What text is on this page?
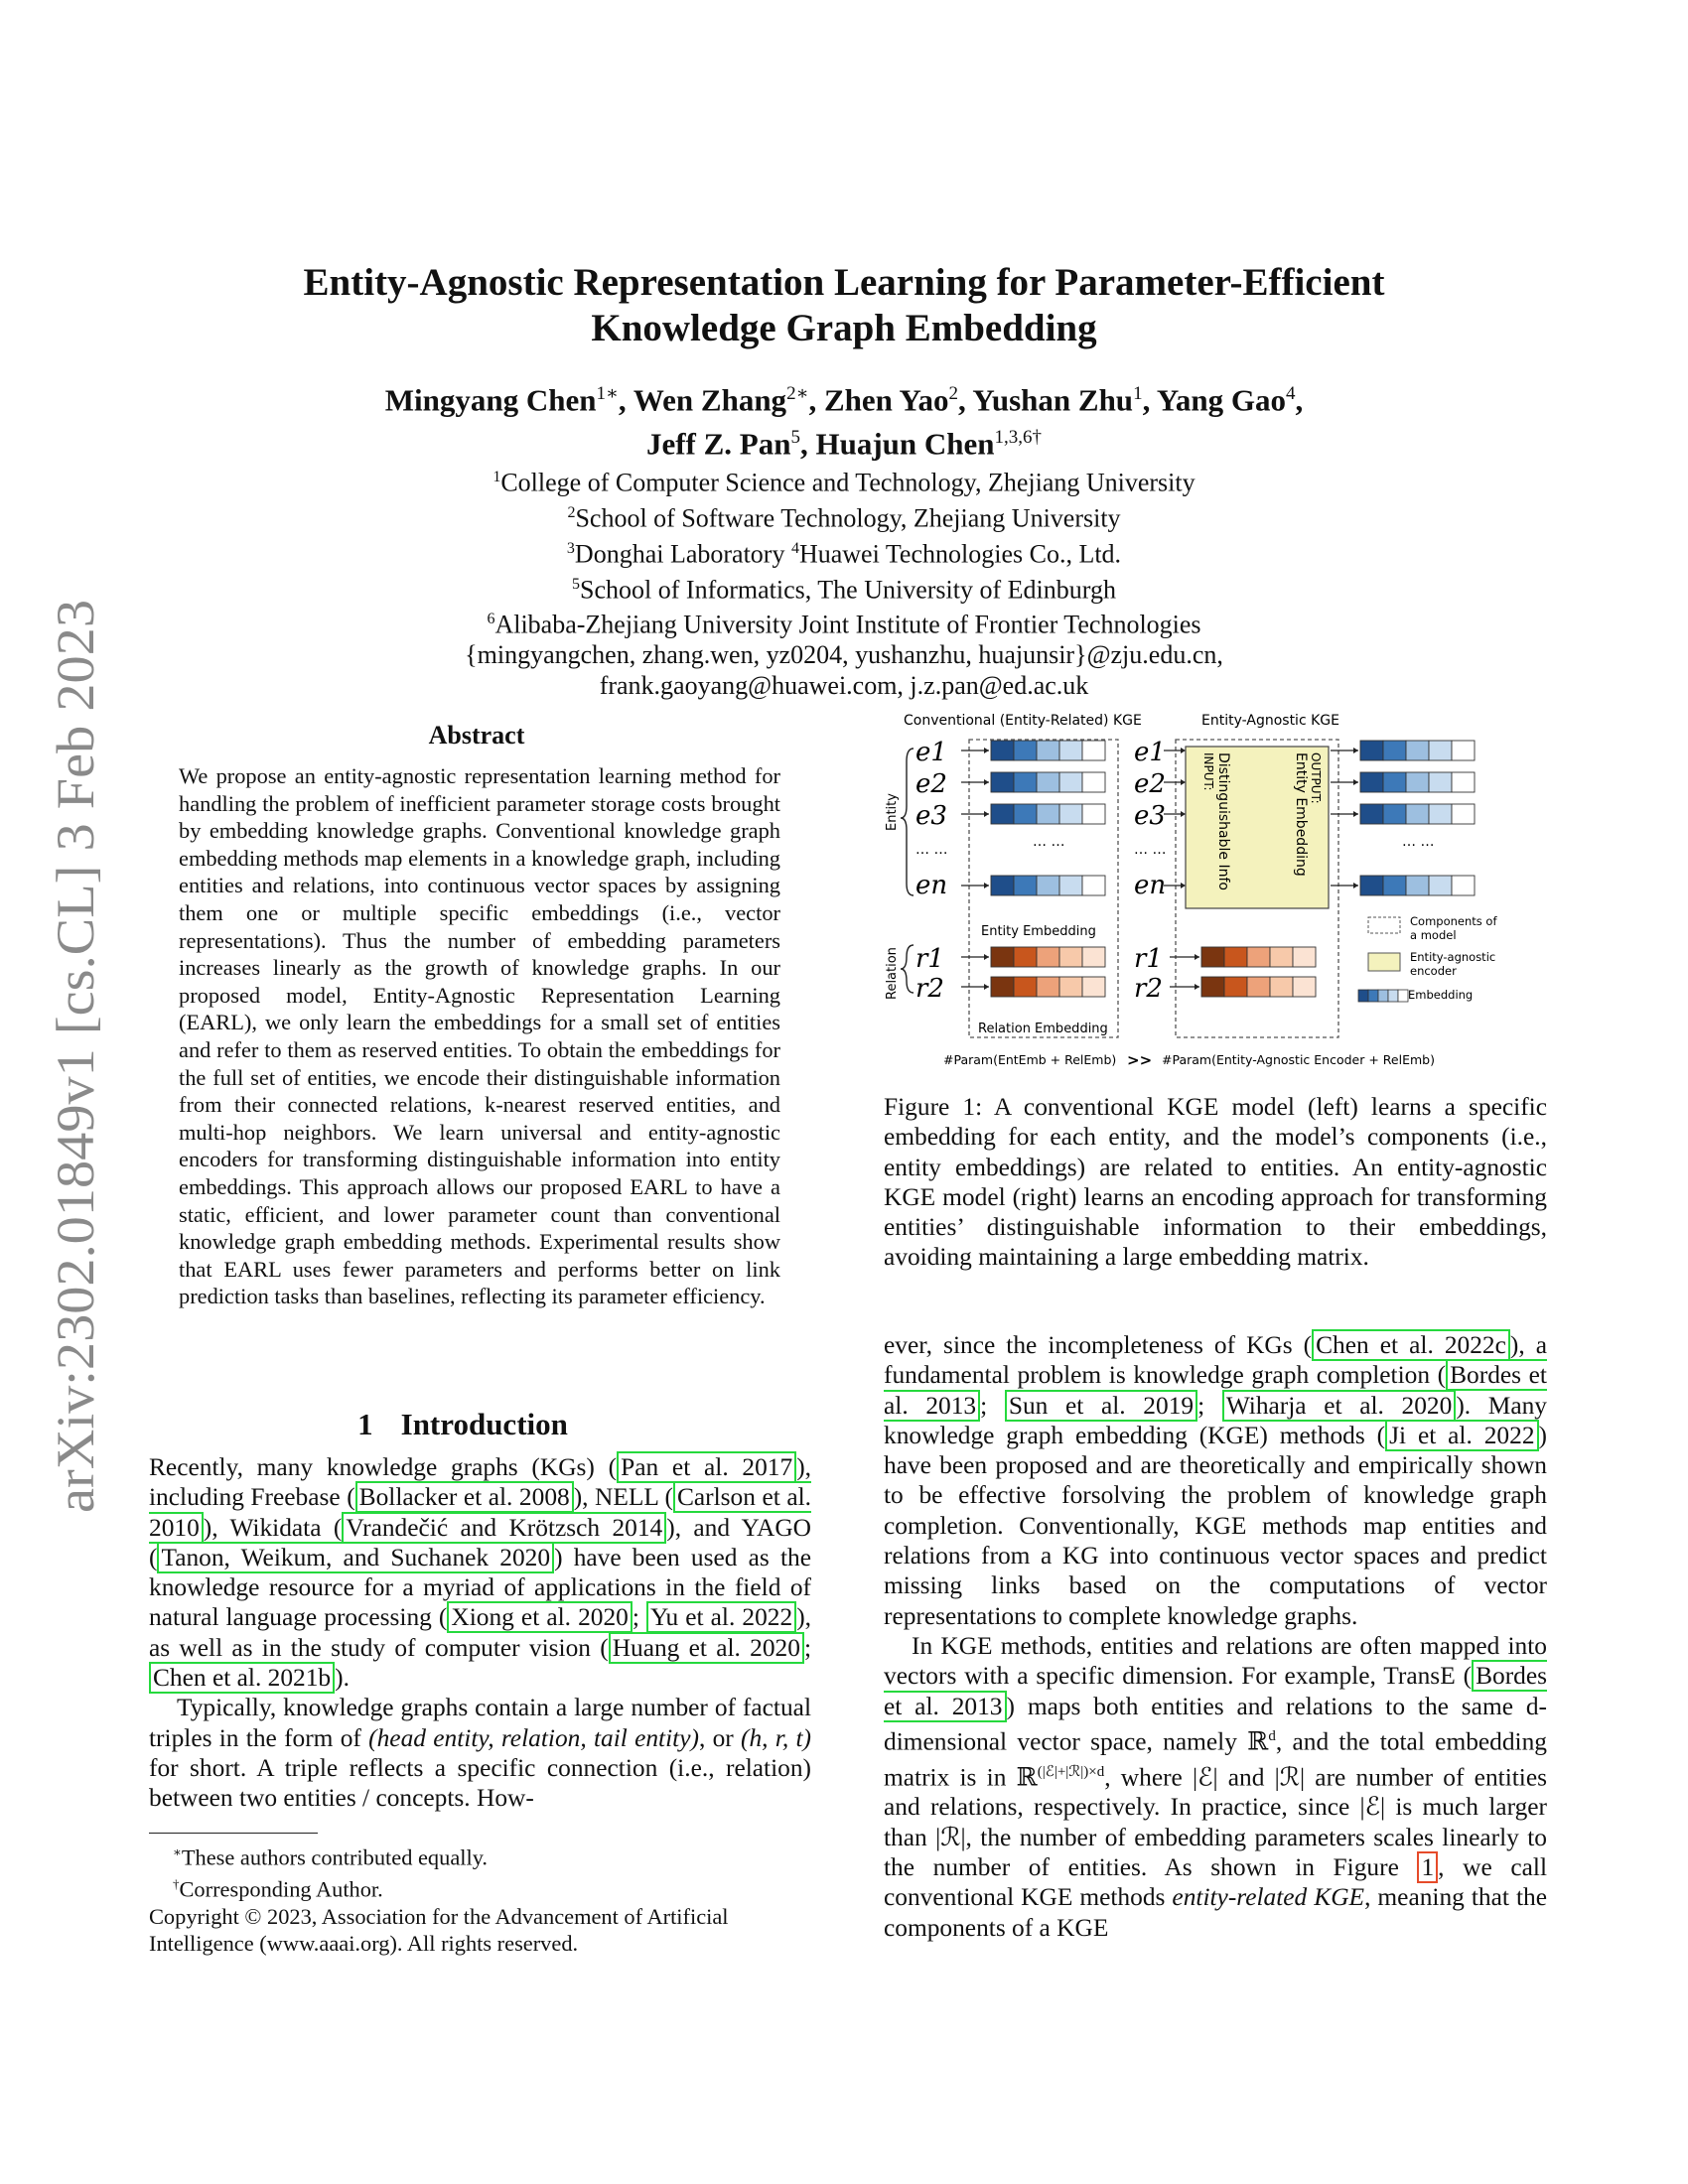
arXiv:2302.01849v1 [cs.CL] 3 Feb 2023
Entity-Agnostic Representation Learning for Parameter-Efficient
Knowledge Graph Embedding
Mingyang Chen$^{1∗}$, Wen Zhang$^{2∗}$, Zhen Yao$^2$, Yushan Zhu$^1$, Yang Gao$^4$,
Jeff Z. Pan$^5$, Huajun Chen$^{1,3,6\dagger}$
$^1$College of Computer Science and Technology, Zhejiang University
$^2$School of Software Technology, Zhejiang University
$^3$Donghai Laboratory $^4$Huawei Technologies Co., Ltd.
$^5$School of Informatics, The University of Edinburgh
$^6$Alibaba-Zhejiang University Joint Institute of Frontier Technologies
{mingyangchen, zhang.wen, yz0204, yushanzhu, huajunsir}@zju.edu.cn,
frank.gaoyang@huawei.com, j.z.pan@ed.ac.uk
Abstract
We propose an entity-agnostic representation learning method for handling the problem of inefficient parameter storage costs brought by embedding knowledge graphs. Conventional knowledge graph embedding methods map elements in a knowledge graph, including entities and relations, into continuous vector spaces by assigning them one or multiple specific embeddings (i.e., vector representations). Thus the number of embedding parameters increases linearly as the growth of knowledge graphs. In our proposed model, Entity-Agnostic Representation Learning (EARL), we only learn the embeddings for a small set of entities and refer to them as reserved entities. To obtain the embeddings for the full set of entities, we encode their distinguishable information from their connected relations, k-nearest reserved entities, and multi-hop neighbors. We learn universal and entity-agnostic encoders for transforming distinguishable information into entity embeddings. This approach allows our proposed EARL to have a static, efficient, and lower parameter count than conventional knowledge graph embedding methods. Experimental results show that EARL uses fewer parameters and performs better on link prediction tasks than baselines, reflecting its parameter efficiency.
1 Introduction
Recently, many knowledge graphs (KGs) ( Pan et al. 2017 ), including Freebase ( Bollacker et al. 2008 ), NELL ( Carlson et al. 2010 ), Wikidata ( Vrandečić and Krötzsch 2014 ), and YAGO ( Tanon, Weikum, and Suchanek 2020 ) have been used as the knowledge resource for a myriad of applications in the field of natural language processing ( Xiong et al. 2020 ; Yu et al. 2022 ), as well as in the study of computer vision ( Huang et al. 2020 ; Chen et al. 2021b ).
Typically, knowledge graphs contain a large number of factual triples in the form of (head entity, relation, tail entity), or (h, r, t) for short. A triple reflects a specific connection (i.e., relation) between two entities / concepts. How-
∗These authors contributed equally.
†Corresponding Author.
Copyright © 2023, Association for the Advancement of Artificial Intelligence (www.aaai.org). All rights reserved.
Conventional (Entity-Related) KGE	Entity-Agnostic KGE
INPUT: Distinguishable Info	OUTPUT:
Entity Embedding
Entity
Relation
e1
e2
e3
… …
en
r1
r2
e1
e2
e3
… …
en
r1
r2
… …	… …
Entity Embedding
Relation Embedding
Components of
a model
Entity-agnostic
encoder
Embedding
#Param(EntEmb + RelEmb) >> #Param(Entity-Agnostic Encoder + RelEmb)
Figure 1: A conventional KGE model (left) learns a specific embedding for each entity, and the model’s components (i.e., entity embeddings) are related to entities. An entity-agnostic KGE model (right) learns an encoding approach for transforming entities’ distinguishable information to their embeddings, avoiding maintaining a large embedding matrix.
ever, since the incompleteness of KGs ( Chen et al. 2022c ), a fundamental problem is knowledge graph completion ( Bordes et al. 2013 ; Sun et al. 2019 ; Wiharja et al. 2020 ). Many knowledge graph embedding (KGE) methods ( Ji et al. 2022 ) have been proposed and are theoretically and empirically shown to be effective forsolving the problem of knowledge graph completion. Conventionally, KGE methods map entities and relations from a KG into continuous vector spaces and predict missing links based on the computations of vector representations to complete knowledge graphs.
In KGE methods, entities and relations are often mapped into vectors with a specific dimension. For example, TransE ( Bordes et al. 2013 ) maps both entities and relations to the same d-dimensional vector space, namely ℝ$^d$, and the total embedding matrix is in ℝ$^{(|ℰ|+|ℛ|)\times d}$, where |ℰ| and |ℛ| are number of entities and relations, respectively. In practice, since |ℰ| is much larger than |ℛ|, the number of embedding parameters scales linearly to the number of entities. As shown in Figure 1 , we call conventional KGE methods entity-related KGE, meaning that the components of a KGE
